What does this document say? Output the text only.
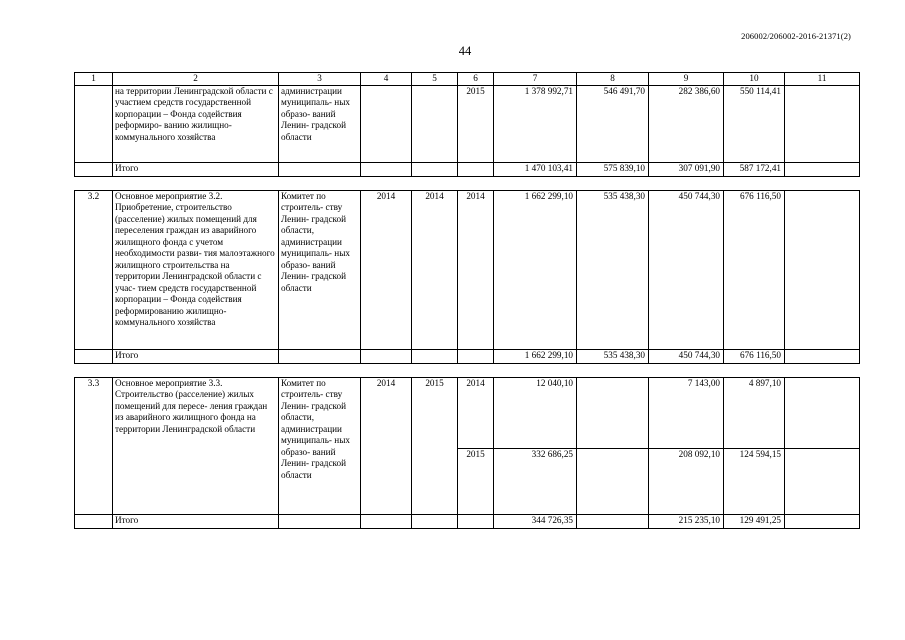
206002/206002-2016-21371(2)
44
1	2	3	4	5	6	7	8	9	10	11
	на территории Ленинградской области с участием средств государственной корпорации – Фонда содействия реформиро- ванию жилищно-коммунального хозяйства	администрации муниципаль- ных образо- ваний Ленин- градской области			2015	1 378 992,71	546 491,70	282 386,60	550 114,41	
	Итого					1 470 103,41	575 839,10	307 091,90	587 172,41	

3.2	Основное мероприятие 3.2. Приобретение, строительство (расселение) жилых помещений для переселения граждан из аварийного жилищного фонда с учетом необходимости разви- тия малоэтажного жилищного строительства на территории Ленинградской области с учас- тием средств государственной корпорации – Фонда содействия реформированию жилищно- коммунального хозяйства	Комитет по строитель- ству Ленин- градской области, администрации муниципаль- ных образо- ваний Ленин- градской области	2014	2014	2014	1 662 299,10	535 438,30	450 744,30	676 116,50	
	Итого					1 662 299,10	535 438,30	450 744,30	676 116,50	

3.3	Основное мероприятие 3.3. Строительство (расселение) жилых помещений для пересе- ления граждан из аварийного жилищного фонда на территории Ленинградской области	Комитет по строитель- ству Ленин- градской области, администрации муниципаль- ных образо- ваний Ленин- градской области	2014	2015	2014	12 040,10		7 143,00	4 897,10	
					2015	332 686,25		208 092,10	124 594,15	
	Итого					344 726,35		215 235,10	129 491,25	
